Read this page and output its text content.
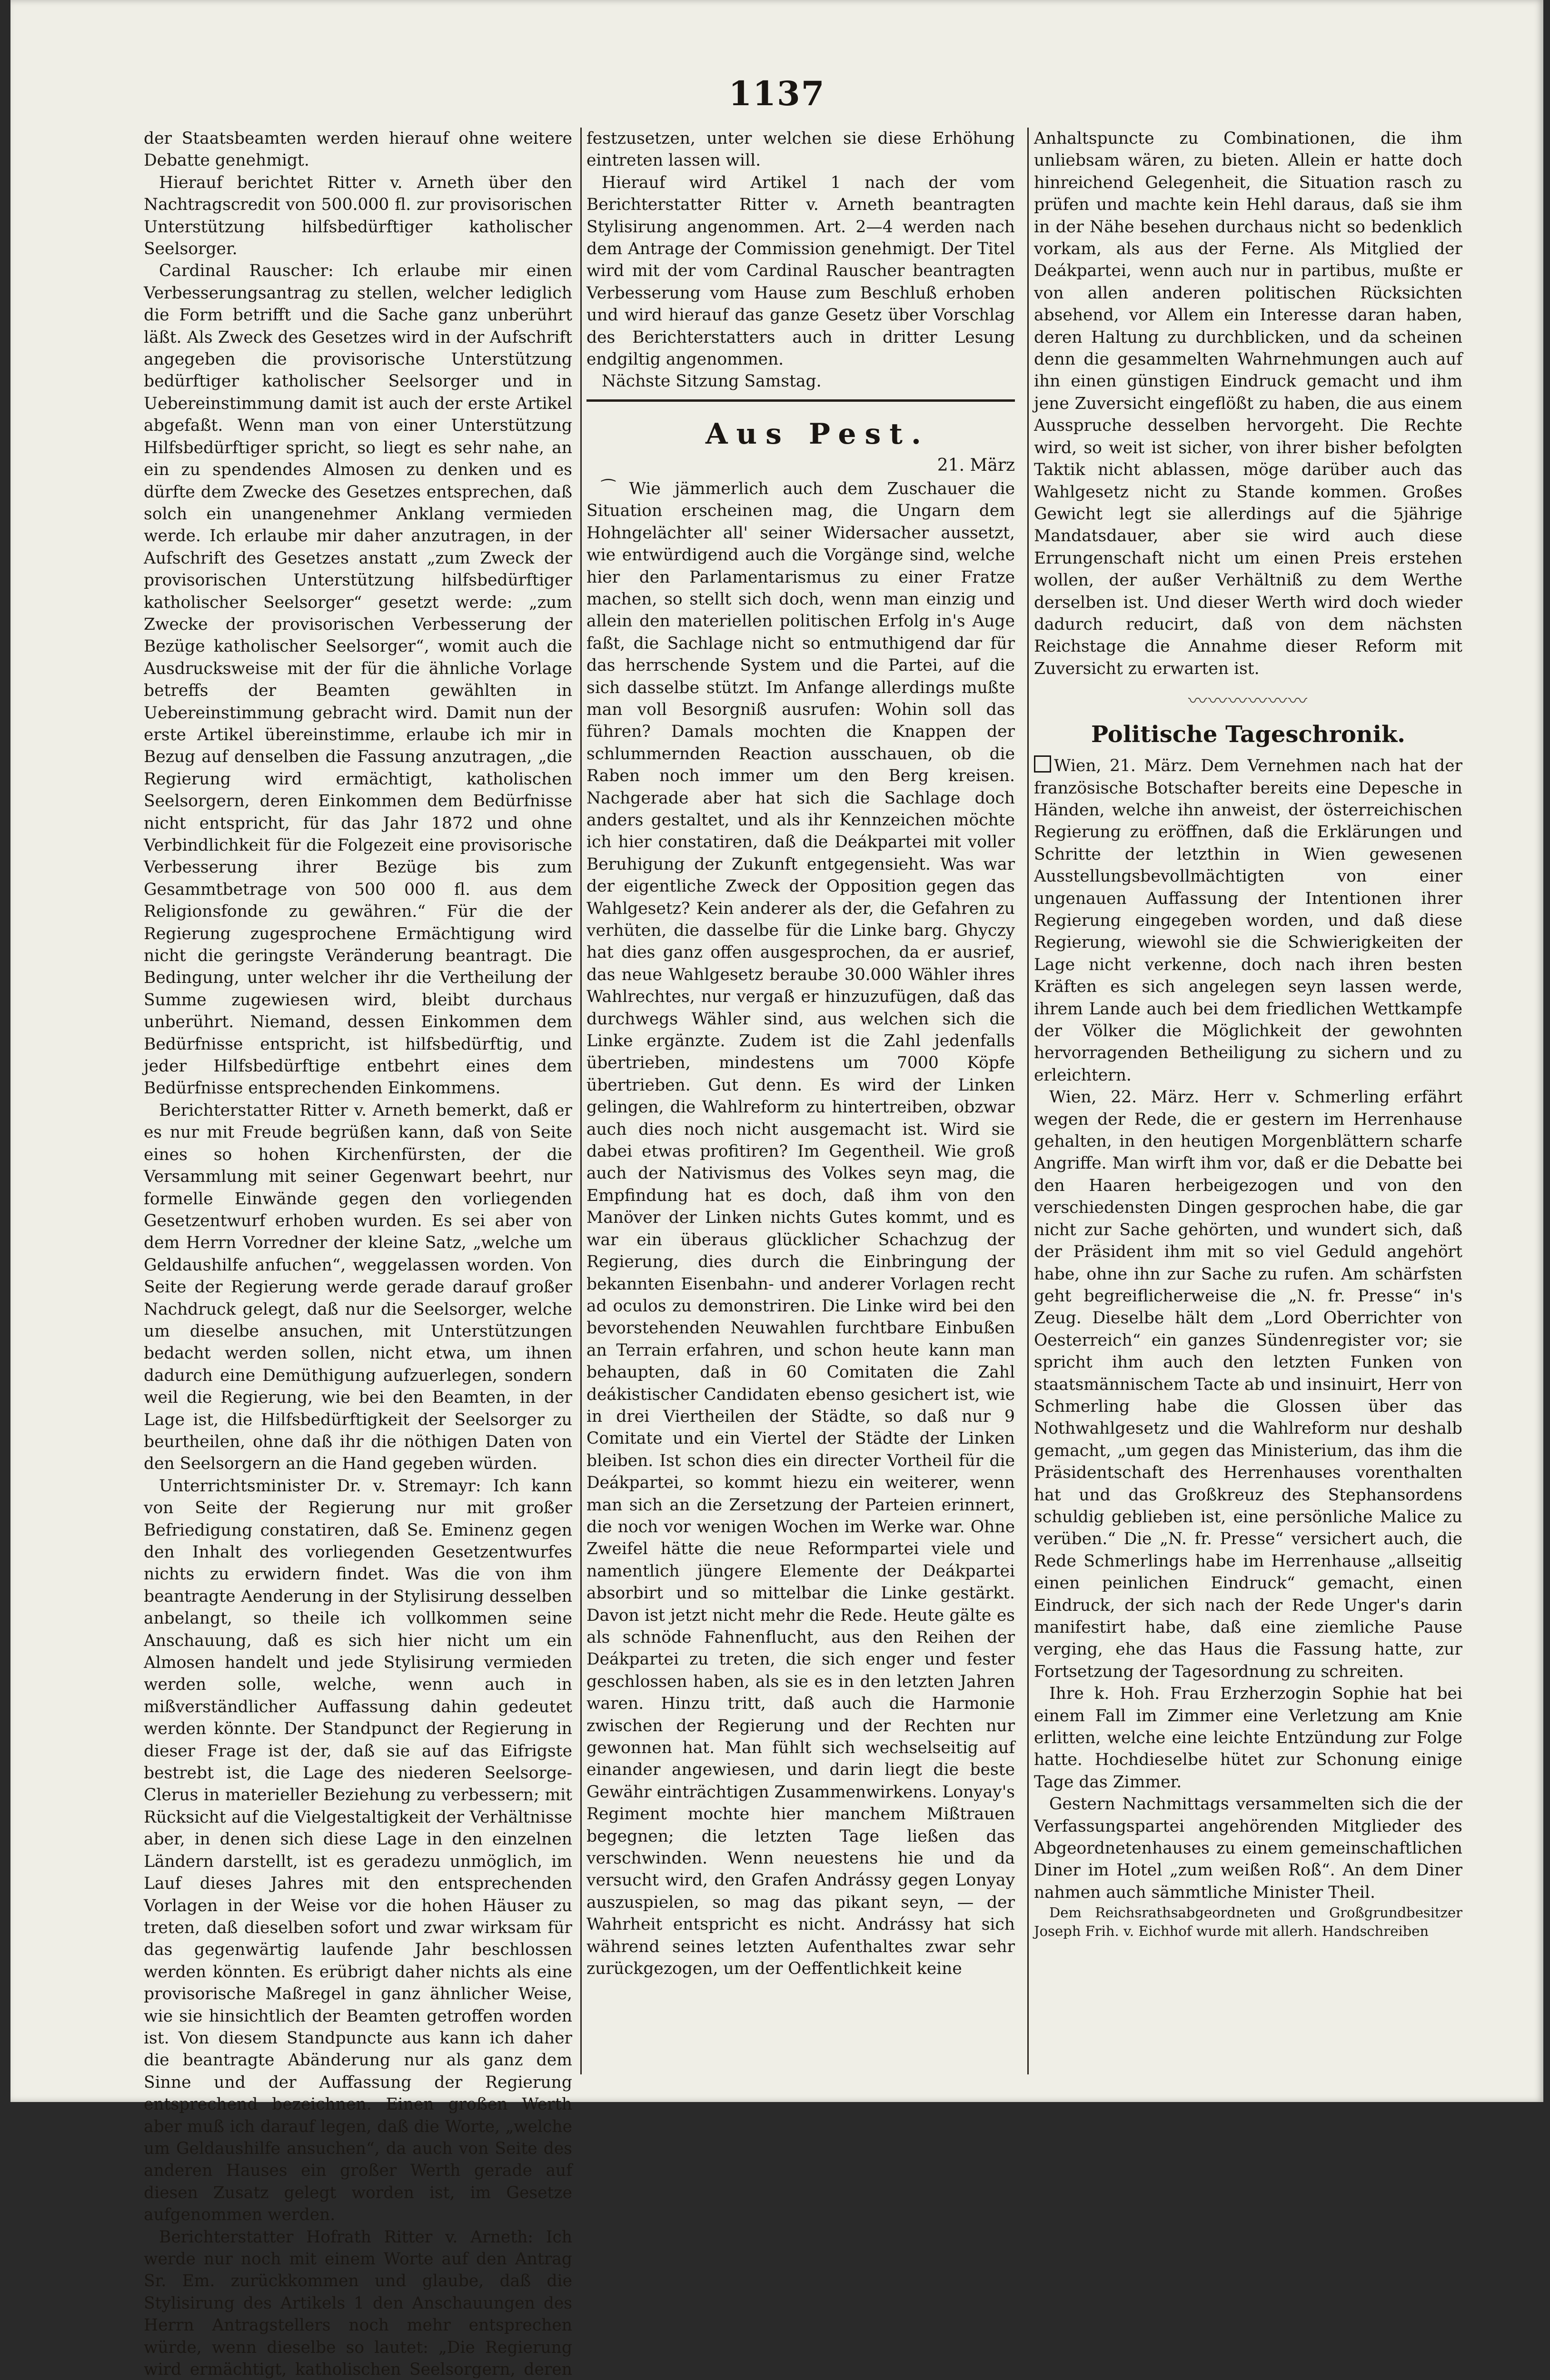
1137

der Staatsbeamten werden hierauf ohne weitere Debatte genehmigt.

Hierauf berichtet Ritter v. Arneth über den Nachtragscredit von 500.000 fl. zur provisorischen Unterstützung hilfsbedürftiger katholischer Seelsorger.

Cardinal Rauscher: Ich erlaube mir einen Verbesserungsantrag zu stellen, welcher lediglich die Form betrifft und die Sache ganz unberührt läßt. Als Zweck des Gesetzes wird in der Aufschrift angegeben die provisorische Unterstützung bedürftiger katholischer Seelsorger und in Uebereinstimmung damit ist auch der erste Artikel abgefaßt. Wenn man von einer Unterstützung Hilfsbedürftiger spricht, so liegt es sehr nahe, an ein zu spendendes Almosen zu denken und es dürfte dem Zwecke des Gesetzes entsprechen, daß solch ein unangenehmer Anklang vermieden werde. Ich erlaube mir daher anzutragen, in der Aufschrift des Gesetzes anstatt „zum Zweck der provisorischen Unterstützung hilfsbedürftiger katholischer Seelsorger“ gesetzt werde: „zum Zwecke der provisorischen Verbesserung der Bezüge katholischer Seelsorger“, womit auch die Ausdrucksweise mit der für die ähnliche Vorlage betreffs der Beamten gewählten in Uebereinstimmung gebracht wird. Damit nun der erste Artikel übereinstimme, erlaube ich mir in Bezug auf denselben die Fassung anzutragen, „die Regierung wird ermächtigt, katholischen Seelsorgern, deren Einkommen dem Bedürfnisse nicht entspricht, für das Jahr 1872 und ohne Verbindlichkeit für die Folgezeit eine provisorische Verbesserung ihrer Bezüge bis zum Gesammtbetrage von 500 000 fl. aus dem Religionsfonde zu gewähren.“ Für die der Regierung zugesprochene Ermächtigung wird nicht die geringste Veränderung beantragt. Die Bedingung, unter welcher ihr die Vertheilung der Summe zugewiesen wird, bleibt durchaus unberührt. Niemand, dessen Einkommen dem Bedürfnisse entspricht, ist hilfsbedürftig, und jeder Hilfsbedürftige entbehrt eines dem Bedürfnisse entsprechenden Einkommens.

Berichterstatter Ritter v. Arneth bemerkt, daß er es nur mit Freude begrüßen kann, daß von Seite eines so hohen Kirchenfürsten, der die Versammlung mit seiner Gegenwart beehrt, nur formelle Einwände gegen den vorliegenden Gesetzentwurf erhoben wurden. Es sei aber von dem Herrn Vorredner der kleine Satz, „welche um Geldaushilfe anfuchen“, weggelassen worden. Von Seite der Regierung werde gerade darauf großer Nachdruck gelegt, daß nur die Seelsorger, welche um dieselbe ansuchen, mit Unterstützungen bedacht werden sollen, nicht etwa, um ihnen dadurch eine Demüthigung aufzuerlegen, sondern weil die Regierung, wie bei den Beamten, in der Lage ist, die Hilfsbedürftigkeit der Seelsorger zu beurtheilen, ohne daß ihr die nöthigen Daten von den Seelsorgern an die Hand gegeben würden.

Unterrichtsminister Dr. v. Stremayr: Ich kann von Seite der Regierung nur mit großer Befriedigung constatiren, daß Se. Eminenz gegen den Inhalt des vorliegenden Gesetzentwurfes nichts zu erwidern findet. Was die von ihm beantragte Aenderung in der Stylisirung desselben anbelangt, so theile ich vollkommen seine Anschauung, daß es sich hier nicht um ein Almosen handelt und jede Stylisirung vermieden werden solle, welche, wenn auch in mißverständlicher Auffassung dahin gedeutet werden könnte. Der Standpunct der Regierung in dieser Frage ist der, daß sie auf das Eifrigste bestrebt ist, die Lage des niederen Seelsorge-Clerus in materieller Beziehung zu verbessern; mit Rücksicht auf die Vielgestaltigkeit der Verhältnisse aber, in denen sich diese Lage in den einzelnen Ländern darstellt, ist es geradezu unmöglich, im Lauf dieses Jahres mit den entsprechenden Vorlagen in der Weise vor die hohen Häuser zu treten, daß dieselben sofort und zwar wirksam für das gegenwärtig laufende Jahr beschlossen werden könnten. Es erübrigt daher nichts als eine provisorische Maßregel in ganz ähnlicher Weise, wie sie hinsichtlich der Beamten getroffen worden ist. Von diesem Standpuncte aus kann ich daher die beantragte Abänderung nur als ganz dem Sinne und der Auffassung der Regierung entsprechend bezeichnen. Einen großen Werth aber muß ich darauf legen, daß die Worte, „welche um Geldaushilfe ansuchen“, da auch von Seite des anderen Hauses ein großer Werth gerade auf diesen Zusatz gelegt worden ist, im Gesetze aufgenommen werden.

Berichterstatter Hofrath Ritter v. Arneth: Ich werde nur noch mit einem Worte auf den Antrag Sr. Em. zurückkommen und glaube, daß die Stylisirung des Artikels 1 den Anschauungen des Herrn Antragstellers noch mehr entsprechen würde, wenn dieselbe so lautet: „Die Regierung wird ermächtigt, katholischen Seelsorgern, deren

festzusetzen, unter welchen sie diese Erhöhung eintreten lassen will.

Hierauf wird Artikel 1 nach der vom Berichterstatter Ritter v. Arneth beantragten Stylisirung angenommen. Art. 2—4 werden nach dem Antrage der Commission genehmigt. Der Titel wird mit der vom Cardinal Rauscher beantragten Verbesserung vom Hause zum Beschluß erhoben und wird hierauf das ganze Gesetz über Vorschlag des Berichterstatters auch in dritter Lesung endgiltig angenommen.

Nächste Sitzung Samstag.

Aus Pest.
21. März

⁀ Wie jämmerlich auch dem Zuschauer die Situation erscheinen mag, die Ungarn dem Hohngelächter all' seiner Widersacher aussetzt, wie entwürdigend auch die Vorgänge sind, welche hier den Parlamentarismus zu einer Fratze machen, so stellt sich doch, wenn man einzig und allein den materiellen politischen Erfolg in's Auge faßt, die Sachlage nicht so entmuthigend dar für das herrschende System und die Partei, auf die sich dasselbe stützt. Im Anfange allerdings mußte man voll Besorgniß ausrufen: Wohin soll das führen? Damals mochten die Knappen der schlummernden Reaction ausschauen, ob die Raben noch immer um den Berg kreisen. Nachgerade aber hat sich die Sachlage doch anders gestaltet, und als ihr Kennzeichen möchte ich hier constatiren, daß die Deákpartei mit voller Beruhigung der Zukunft entgegensieht. Was war der eigentliche Zweck der Opposition gegen das Wahlgesetz? Kein anderer als der, die Gefahren zu verhüten, die dasselbe für die Linke barg. Ghyczy hat dies ganz offen ausgesprochen, da er ausrief, das neue Wahlgesetz beraube 30.000 Wähler ihres Wahlrechtes, nur vergaß er hinzuzufügen, daß das durchwegs Wähler sind, aus welchen sich die Linke ergänzte. Zudem ist die Zahl jedenfalls übertrieben, mindestens um 7000 Köpfe übertrieben. Gut denn. Es wird der Linken gelingen, die Wahlreform zu hintertreiben, obzwar auch dies noch nicht ausgemacht ist. Wird sie dabei etwas profitiren? Im Gegentheil. Wie groß auch der Nativismus des Volkes seyn mag, die Empfindung hat es doch, daß ihm von den Manöver der Linken nichts Gutes kommt, und es war ein überaus glücklicher Schachzug der Regierung, dies durch die Einbringung der bekannten Eisenbahn- und anderer Vorlagen recht ad oculos zu demonstriren. Die Linke wird bei den bevorstehenden Neuwahlen furchtbare Einbußen an Terrain erfahren, und schon heute kann man behaupten, daß in 60 Comitaten die Zahl deákistischer Candidaten ebenso gesichert ist, wie in drei Viertheilen der Städte, so daß nur 9 Comitate und ein Viertel der Städte der Linken bleiben. Ist schon dies ein directer Vortheil für die Deákpartei, so kommt hiezu ein weiterer, wenn man sich an die Zersetzung der Parteien erinnert, die noch vor wenigen Wochen im Werke war. Ohne Zweifel hätte die neue Reformpartei viele und namentlich jüngere Elemente der Deákpartei absorbirt und so mittelbar die Linke gestärkt. Davon ist jetzt nicht mehr die Rede. Heute gälte es als schnöde Fahnenflucht, aus den Reihen der Deákpartei zu treten, die sich enger und fester geschlossen haben, als sie es in den letzten Jahren waren. Hinzu tritt, daß auch die Harmonie zwischen der Regierung und der Rechten nur gewonnen hat. Man fühlt sich wechselseitig auf einander angewiesen, und darin liegt die beste Gewähr einträchtigen Zusammenwirkens. Lonyay's Regiment mochte hier manchem Mißtrauen begegnen; die letzten Tage ließen das verschwinden. Wenn neuestens hie und da versucht wird, den Grafen Andrássy gegen Lonyay auszuspielen, so mag das pikant seyn, — der Wahrheit entspricht es nicht. Andrássy hat sich während seines letzten Aufenthaltes zwar sehr zurückgezogen, um der Oeffentlichkeit keine

Anhaltspuncte zu Combinationen, die ihm unliebsam wären, zu bieten. Allein er hatte doch hinreichend Gelegenheit, die Situation rasch zu prüfen und machte kein Hehl daraus, daß sie ihm in der Nähe besehen durchaus nicht so bedenklich vorkam, als aus der Ferne. Als Mitglied der Deákpartei, wenn auch nur in partibus, mußte er von allen anderen politischen Rücksichten absehend, vor Allem ein Interesse daran haben, deren Haltung zu durchblicken, und da scheinen denn die gesammelten Wahrnehmungen auch auf ihn einen günstigen Eindruck gemacht und ihm jene Zuversicht eingeflößt zu haben, die aus einem Ausspruche desselben hervorgeht. Die Rechte wird, so weit ist sicher, von ihrer bisher befolgten Taktik nicht ablassen, möge darüber auch das Wahlgesetz nicht zu Stande kommen. Großes Gewicht legt sie allerdings auf die 5jährige Mandatsdauer, aber sie wird auch diese Errungenschaft nicht um einen Preis erstehen wollen, der außer Verhältniß zu dem Werthe derselben ist. Und dieser Werth wird doch wieder dadurch reducirt, daß von dem nächsten Reichstage die Annahme dieser Reform mit Zuversicht zu erwarten ist.

〰〰〰〰〰〰
Politische Tageschronik.

Wien, 21. März. Dem Vernehmen nach hat der französische Botschafter bereits eine Depesche in Händen, welche ihn anweist, der österreichischen Regierung zu eröffnen, daß die Erklärungen und Schritte der letzthin in Wien gewesenen Ausstellungsbevollmächtigten von einer ungenauen Auffassung der Intentionen ihrer Regierung eingegeben worden, und daß diese Regierung, wiewohl sie die Schwierigkeiten der Lage nicht verkenne, doch nach ihren besten Kräften es sich angelegen seyn lassen werde, ihrem Lande auch bei dem friedlichen Wettkampfe der Völker die Möglichkeit der gewohnten hervorragenden Betheiligung zu sichern und zu erleichtern.

Wien, 22. März. Herr v. Schmerling erfährt wegen der Rede, die er gestern im Herrenhause gehalten, in den heutigen Morgenblättern scharfe Angriffe. Man wirft ihm vor, daß er die Debatte bei den Haaren herbeigezogen und von den verschiedensten Dingen gesprochen habe, die gar nicht zur Sache gehörten, und wundert sich, daß der Präsident ihm mit so viel Geduld angehört habe, ohne ihn zur Sache zu rufen. Am schärfsten geht begreiflicherweise die „N. fr. Presse“ in's Zeug. Dieselbe hält dem „Lord Oberrichter von Oesterreich“ ein ganzes Sündenregister vor; sie spricht ihm auch den letzten Funken von staatsmännischem Tacte ab und insinuirt, Herr von Schmerling habe die Glossen über das Nothwahlgesetz und die Wahlreform nur deshalb gemacht, „um gegen das Ministerium, das ihm die Präsidentschaft des Herrenhauses vorenthalten hat und das Großkreuz des Stephansordens schuldig geblieben ist, eine persönliche Malice zu verüben.“ Die „N. fr. Presse“ versichert auch, die Rede Schmerlings habe im Herrenhause „allseitig einen peinlichen Eindruck“ gemacht, einen Eindruck, der sich nach der Rede Unger's darin manifestirt habe, daß eine ziemliche Pause verging, ehe das Haus die Fassung hatte, zur Fortsetzung der Tagesordnung zu schreiten.

Ihre k. Hoh. Frau Erzherzogin Sophie hat bei einem Fall im Zimmer eine Verletzung am Knie erlitten, welche eine leichte Entzündung zur Folge hatte. Hochdieselbe hütet zur Schonung einige Tage das Zimmer.

Gestern Nachmittags versammelten sich die der Verfassungspartei angehörenden Mitglieder des Abgeordnetenhauses zu einem gemeinschaftlichen Diner im Hotel „zum weißen Roß“. An dem Diner nahmen auch sämmtliche Minister Theil.

Dem Reichsrathsabgeordneten und Großgrundbesitzer Joseph Frih. v. Eichhof wurde mit allerh. Handschreiben
